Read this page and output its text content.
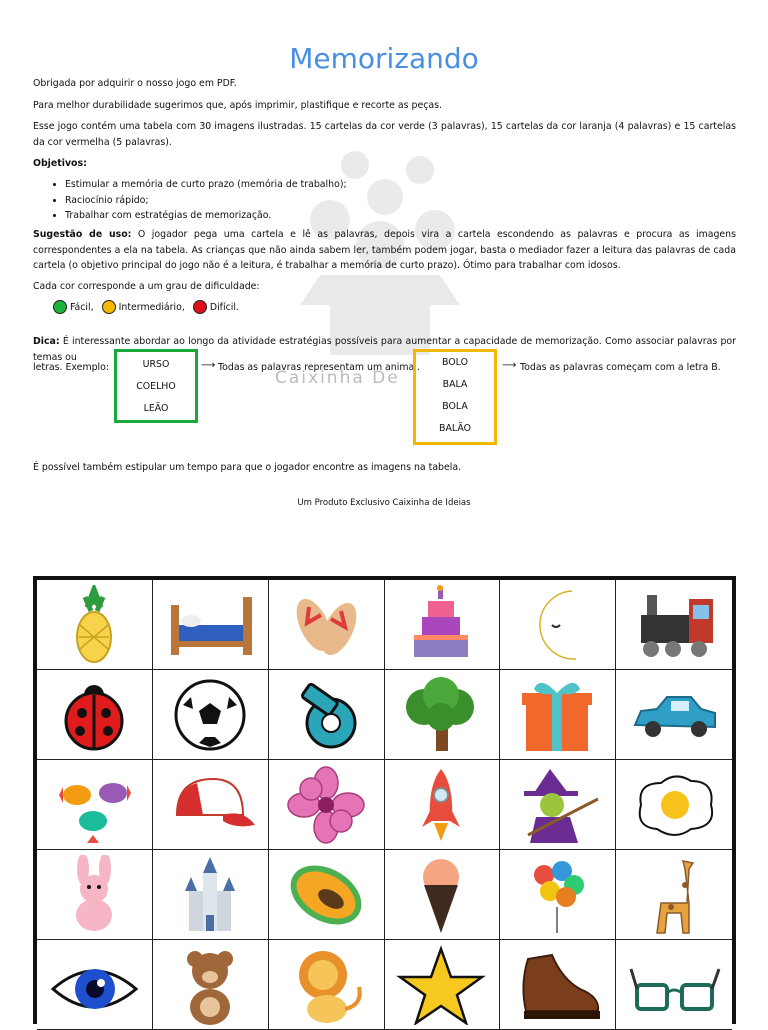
Memorizando
Caixinha De
Obrigada por adquirir o nosso jogo em PDF.
Para melhor durabilidade sugerimos que, após imprimir, plastifique e recorte as peças.
Esse jogo contém uma tabela com 30 imagens ilustradas. 15 cartelas da cor verde (3 palavras), 15 cartelas da cor laranja (4 palavras) e 15 cartelas da cor vermelha (5 palavras).
Objetivos:
• Estimular a memória de curto prazo (memória de trabalho);
• Raciocínio rápido;
• Trabalhar com estratégias de memorização.
Sugestão de uso: O jogador pega uma cartela e lê as palavras, depois vira a cartela escondendo as palavras e procura as imagens correspondentes a ela na tabela. As crianças que não ainda sabem ler, também podem jogar, basta o mediador fazer a leitura das palavras de cada cartela (o objetivo principal do jogo não é a leitura, é trabalhar a memória de curto prazo). Ótimo para trabalhar com idosos.
Cada cor corresponde a um grau de dificuldade:
Fácil,	Intermediário,	Difícil.
Dica: É interessante abordar ao longo da atividade estratégias possíveis para aumentar a capacidade de memorização. Como associar palavras por temas ou
letras. Exemplo:	URSO
COELHO
LEÃO
⟶ Todas as palavras representam um animal.	BOLO
BALA
BOLA
BALÃO
⟶ Todas as palavras começam com a letra B.
É possível também estipular um tempo para que o jogador encontre as imagens na tabela.
Um Produto Exclusivo Caixinha de Ideias
